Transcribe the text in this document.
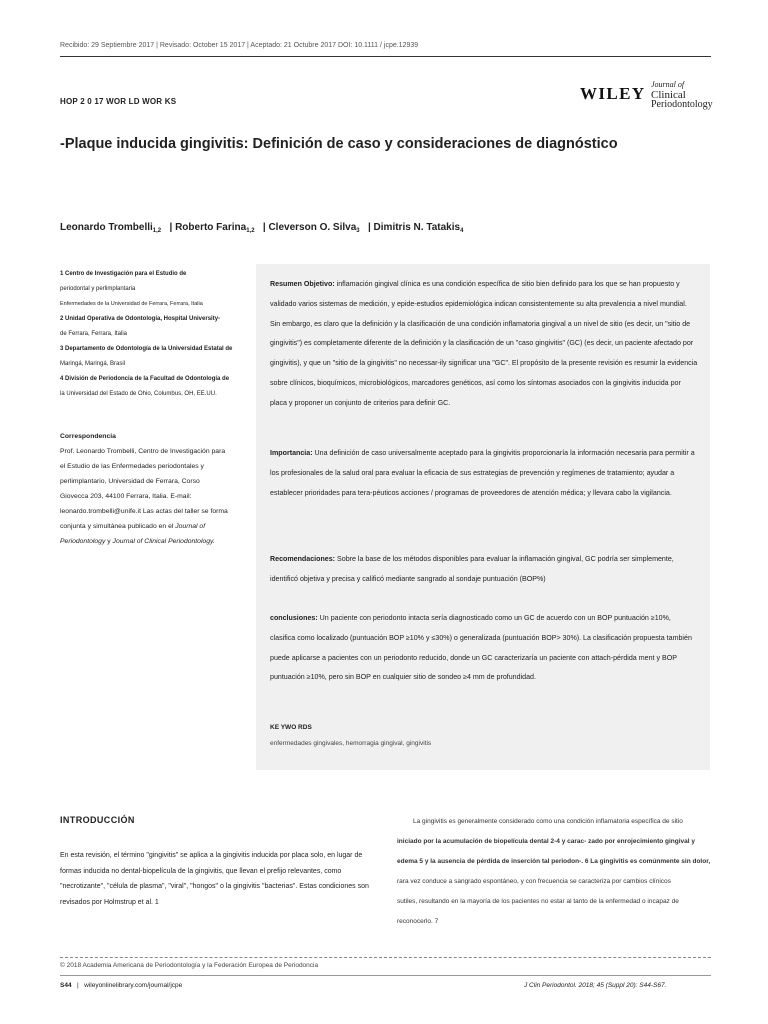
Recibido: 29 Septiembre 2017 | Revisado: October 15 2017 | Aceptado: 21 Octubre 2017 DOI: 10.1111 / jcpe.12939
HOP 2 0 17 WOR LD WOR KS	WILEY Journal of
Clinical
Periodontology
-Plaque inducida gingivitis: Definición de caso y consideraciones de diagnóstico
Leonardo Trombelli$^{1,2}$   | Roberto Farina$^{1,2}$   | Cleverson O. Silva$^3$   | Dimitris N. Tatakis$^4$
1 Centro de Investigación para el Estudio de
periodontal y perlimplantaria
Enfermedades de la Universidad de Ferrara, Ferrara, Italia
2 Unidad Operativa de Odontología, Hospital University-
de Ferrara, Ferrara, Italia
3 Departamento de Odontología de la Universidad Estatal de
Maringá, Maringá, Brasil
4 División de Periodoncia de la Facultad de Odontología de
la Universidad del Estado de Ohio, Columbus, OH, EE.UU.
Correspondencia
Prof. Leonardo Trombelli, Centro de Investigación para
el Estudio de las Enfermedades periodontales y
perlimplantario, Universidad de Ferrara, Corso
Giovecca 203, 44100 Ferrara, Italia. E-mail:
leonardo.trombelli@unife.it Las actas del taller se forma
conjunta y simultánea publicado en el Journal of
Periodontology y Journal of Clinical Periodontology.
Resumen Objetivo: inflamación gingival clínica es una condición específica de sitio bien definido para los que se han propuesto y validado varios sistemas de medición, y epide-estudios epidemiológica indican consistentemente su alta prevalencia a nivel mundial. Sin embargo, es claro que la definición y la clasificación de una condición inflamatoria gingival a un nivel de sitio (es decir, un "sitio de gingivitis") es completamente diferente de la definición y la clasificación de un "caso gingivitis" (GC) (es decir, un paciente afectado por gingivitis), y que un "sitio de la gingivitis" no necessar-ily significar una "GC". El propósito de la presente revisión es resumir la evidencia sobre clínicos, bioquímicos, microbiológicos, marcadores genéticos, así como los síntomas asociados con la gingivitis inducida por placa y proponer un conjunto de criterios para definir GC.
Importancia: Una definición de caso universalmente aceptado para la gingivitis proporcionaría la información necesaria para permitir a los profesionales de la salud oral para evaluar la eficacia de sus estrategias de prevención y regímenes de tratamiento; ayudar a establecer prioridades para tera-péuticos acciones / programas de proveedores de atención médica; y llevara cabo la vigilancia.
Recomendaciones: Sobre la base de los métodos disponibles para evaluar la inflamación gingival, GC podría ser simplemente, identificó objetiva y precisa y calificó mediante sangrado al sondaje puntuación (BOP%)
conclusiones: Un paciente con periodonto intacta sería diagnosticado como un GC de acuerdo con un BOP puntuación ≥10%, clasifica como localizado (puntuación BOP ≥10% y ≤30%) o generalizada (puntuación BOP> 30%). La clasificación propuesta también puede aplicarse a pacientes con un periodonto reducido, donde un GC caracterizaría un paciente con attach-pérdida ment y BOP puntuación ≥10%, pero sin BOP en cualquier sitio de sondeo ≥4 mm de profundidad.
KE YWO RDS
enfermedades gingivales, hemorragia gingival, gingivitis
INTRODUCCIÓN
En esta revisión, el término "gingivitis" se aplica a la gingivitis inducida por placa solo, en lugar de formas inducida no dental-biopelícula de la gingivitis, que llevan el prefijo relevantes, como "necrotizante", "célula de plasma", "viral", "hongos" o la gingivitis "bacterias". Estas condiciones son revisados por Holmstrup et al. 1
La gingivitis es generalmente considerado como una condición inflamatoria específica de sitio
iniciado por la acumulación de biopelícula dental 2-4 y carac- zado por enrojecimiento gingival y
edema 5 y la ausencia de pérdida de inserción tal periodon-. 6 La gingivitis es comúnmente sin dolor,
rara vez conduce a sangrado espontáneo, y con frecuencia se caracteriza por cambios clínicos
sutiles, resultando en la mayoría de los pacientes no estar al tanto de la enfermedad o incapaz de
reconocerlo. 7
© 2018 Academia Americana de Periodontología y la Federación Europea de Periodoncia
S44   |   wileyonlinelibrary.com/journal/jcpe	J Clin Periodontol. 2018; 45 (Suppl 20): S44-S67.
